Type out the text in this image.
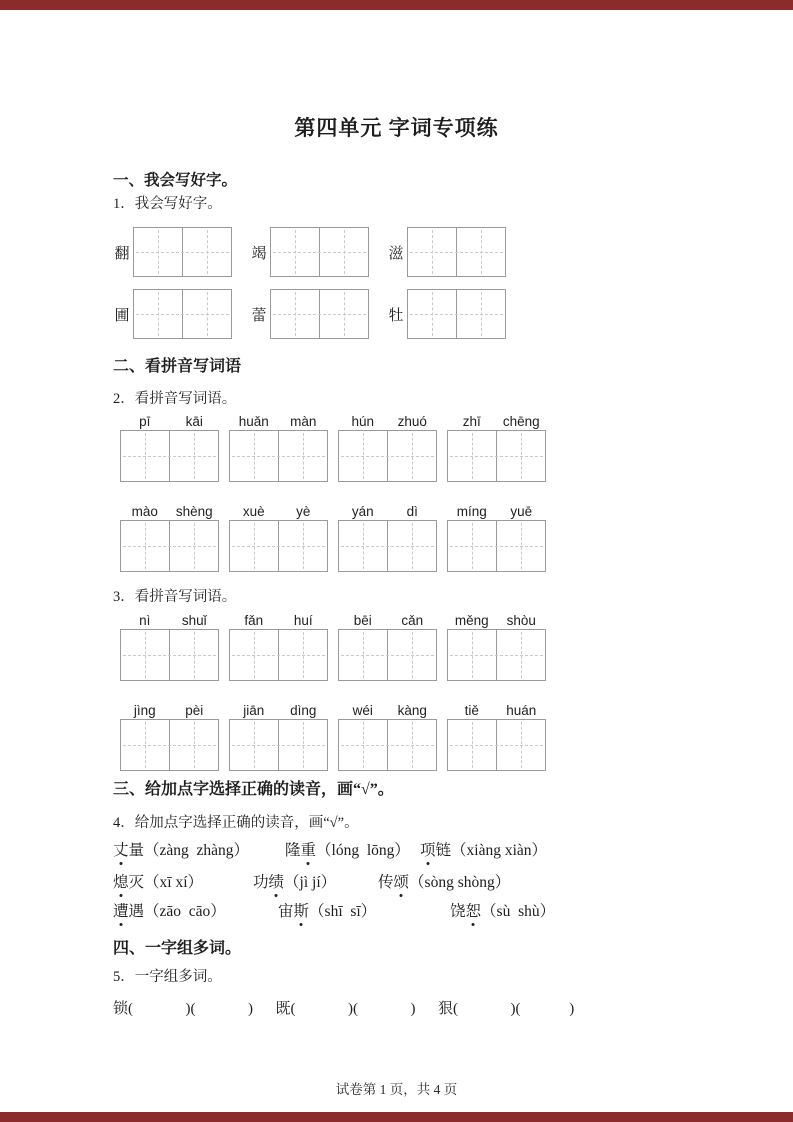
第四单元 字词专项练
一、我会写好字。

1．我会写好字。

翻	竭	滋
圃	蕾	牡
二、看拼音写词语

2．看拼音写词语。

pī	kāi	huǎn	màn	hún	zhuó	zhī	chēng
mào	shèng	xuè	yè	yán	dì	míng	yuē

3．看拼音写词语。

nì	shuǐ	fǎn	huí	bēi	cǎn	měng	shòu
jìng	pèi	jiān	dìng	wéi	kàng	tiě	huán
三、给加点字选择正确的读音，画“√”。

4．给加点字选择正确的读音，画“√”。

丈量（zàng  zhàng）	隆重（lóng  lōng） 项链（xiàng xiàn）
熄灭（xī xí）	功绩（jì jí）	传颂（sòng shòng）
遭遇（zāo  cāo）	宙斯（shī  sī）	饶恕（sù  shù）
四、一字组多词。

5．一字组多词。

锁(              )(              )      既(              )(              )      狠(              )(             )

试卷第 1 页，共 4 页
